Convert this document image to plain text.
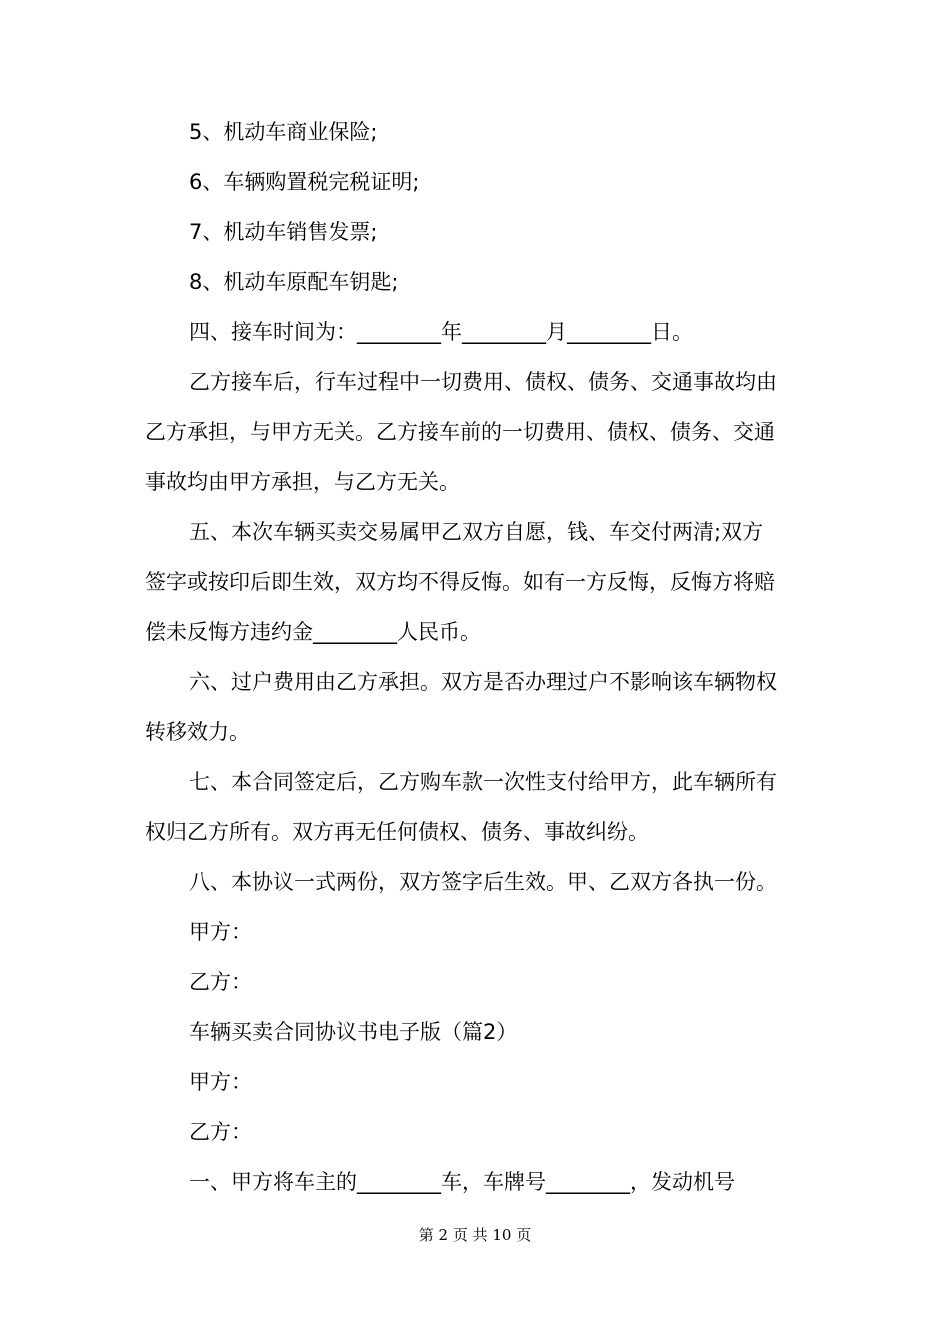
5、机动车商业保险;
6、车辆购置税完税证明;
7、机动车销售发票;
8、机动车原配车钥匙;
四、接车时间为：________年________月________日。
乙方接车后，行车过程中一切费用、债权、债务、交通事故均由
乙方承担，与甲方无关。乙方接车前的一切费用、债权、债务、交通
事故均由甲方承担，与乙方无关。
五、本次车辆买卖交易属甲乙双方自愿，钱、车交付两清;双方
签字或按印后即生效，双方均不得反悔。如有一方反悔，反悔方将赔
偿未反悔方违约金________人民币。
六、过户费用由乙方承担。双方是否办理过户不影响该车辆物权
转移效力。
七、本合同签定后，乙方购车款一次性支付给甲方，此车辆所有
权归乙方所有。双方再无任何债权、债务、事故纠纷。
八、本协议一式两份，双方签字后生效。甲、乙双方各执一份。
甲方：
乙方：
车辆买卖合同协议书电子版（篇2）
甲方：
乙方：
一、甲方将车主的________车，车牌号________，发动机号
第 2 页 共 10 页
